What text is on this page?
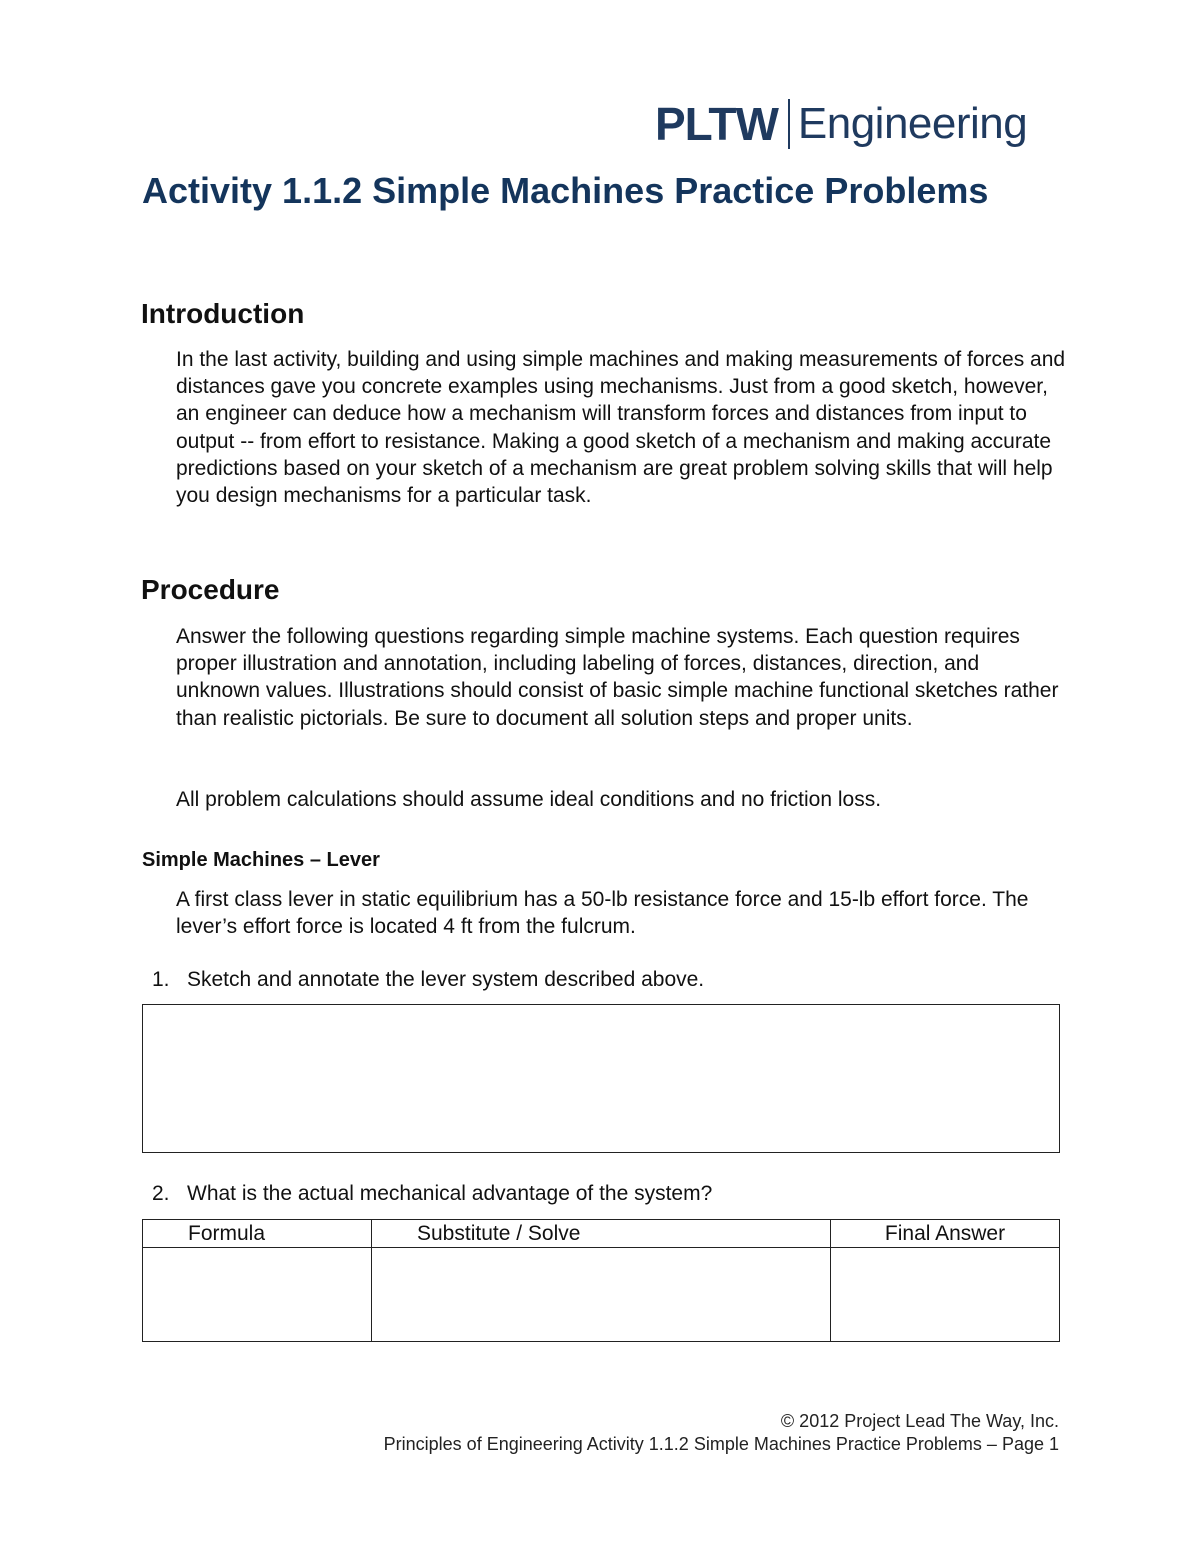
PLTW Engineering
Activity 1.1.2 Simple Machines Practice Problems
Introduction

In the last activity, building and using simple machines and making measurements of forces and distances gave you concrete examples using mechanisms. Just from a good sketch, however, an engineer can deduce how a mechanism will transform forces and distances from input to output -- from effort to resistance. Making a good sketch of a mechanism and making accurate predictions based on your sketch of a mechanism are great problem solving skills that will help you design mechanisms for a particular task.

Procedure

Answer the following questions regarding simple machine systems. Each question requires proper illustration and annotation, including labeling of forces, distances, direction, and unknown values. Illustrations should consist of basic simple machine functional sketches rather than realistic pictorials. Be sure to document all solution steps and proper units.

All problem calculations should assume ideal conditions and no friction loss.

Simple Machines – Lever

A first class lever in static equilibrium has a 50-lb resistance force and 15-lb effort force. The lever’s effort force is located 4 ft from the fulcrum.

1. Sketch and annotate the lever system described above.
2. What is the actual mechanical advantage of the system?
Formula	Substitute / Solve	Final Answer

© 2012 Project Lead The Way, Inc.
Principles of Engineering Activity 1.1.2 Simple Machines Practice Problems – Page 1
